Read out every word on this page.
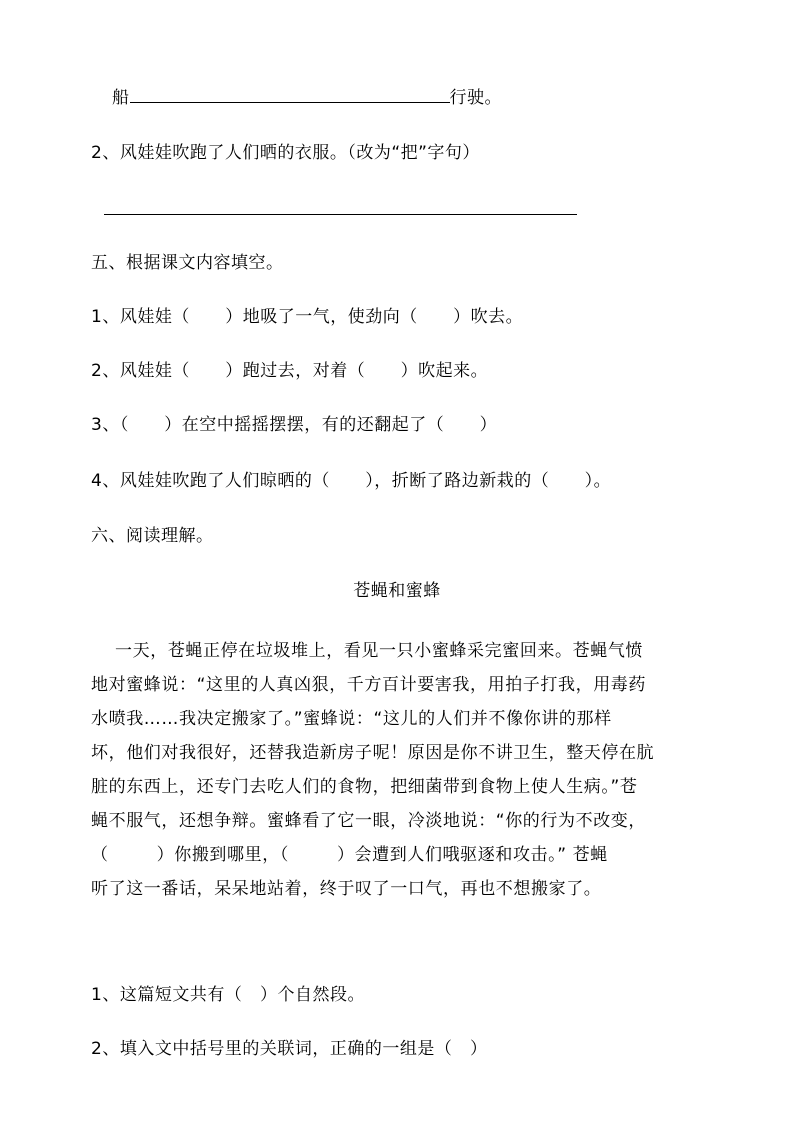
船	行驶。
2、风娃娃吹跑了人们晒的衣服。（改为“把”字句）
五、根据课文内容填空。
1、风娃娃（      ）地吸了一气，使劲向（      ）吹去。
2、风娃娃（      ）跑过去，对着（      ）吹起来。
3、（      ）在空中摇摇摆摆，有的还翻起了（      ）
4、风娃娃吹跑了人们晾晒的（      ），折断了路边新栽的（      ）。
六、阅读理解。
苍蝇和蜜蜂
一天，苍蝇正停在垃圾堆上，看见一只小蜜蜂采完蜜回来。苍蝇气愤
地对蜜蜂说：“这里的人真凶狠，千方百计要害我，用拍子打我，用毒药
水喷我……我决定搬家了。”蜜蜂说：“这儿的人们并不像你讲的那样
坏，他们对我很好，还替我造新房子呢！原因是你不讲卫生，整天停在肮
脏的东西上，还专门去吃人们的食物，把细菌带到食物上使人生病。”苍
蝇不服气，还想争辩。蜜蜂看了它一眼，冷淡地说：“你的行为不改变，
（        ）你搬到哪里，（        ）会遭到人们哦驱逐和攻击。” 苍蝇
听了这一番话，呆呆地站着，终于叹了一口气，再也不想搬家了。
1、这篇短文共有（   ）个自然段。
2、填入文中括号里的关联词，正确的一组是（   ）
